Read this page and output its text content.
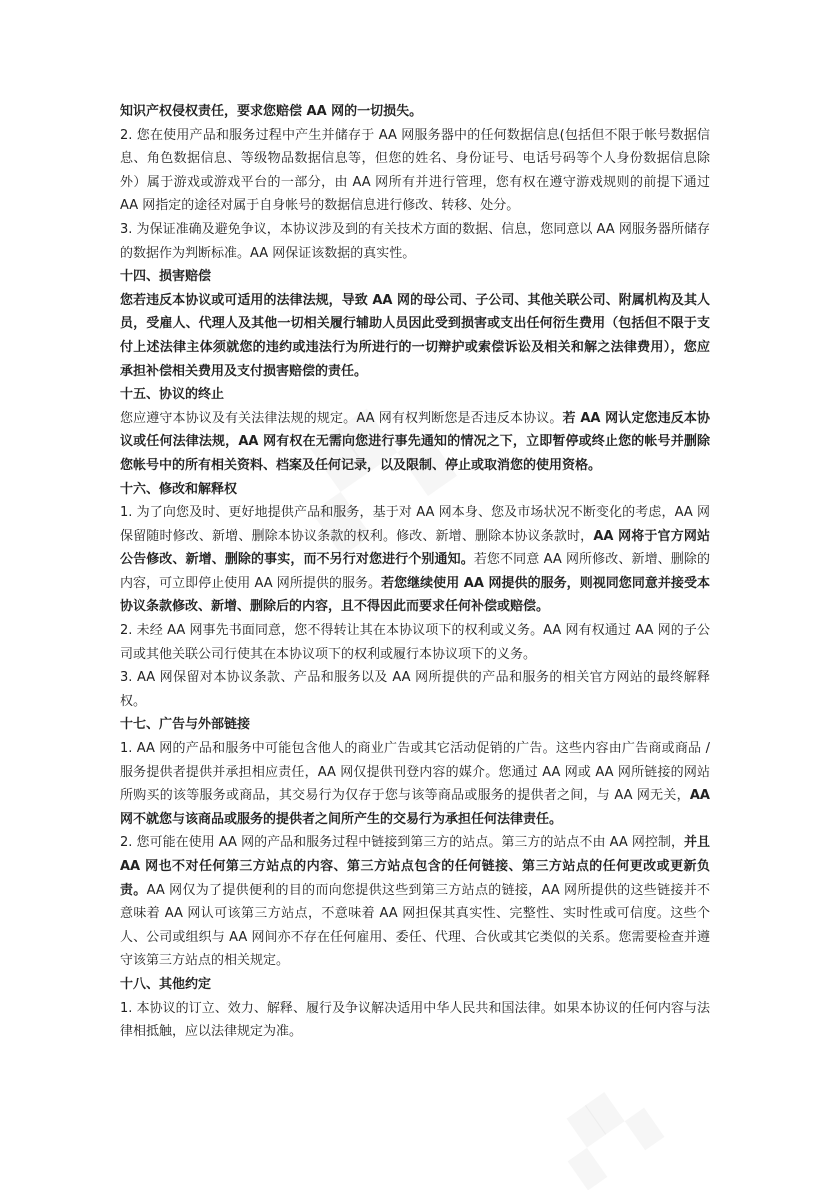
知识产权侵权责任，要求您赔偿 AA 网的一切损失。

2. 您在使用产品和服务过程中产生并储存于 AA 网服务器中的任何数据信息(包括但不限于帐号数据信息、角色数据信息、等级物品数据信息等，但您的姓名、身份证号、电话号码等个人身份数据信息除外）属于游戏或游戏平台的一部分，由 AA 网所有并进行管理，您有权在遵守游戏规则的前提下通过 AA 网指定的途径对属于自身帐号的数据信息进行修改、转移、处分。

3. 为保证准确及避免争议，本协议涉及到的有关技术方面的数据、信息，您同意以 AA 网服务器所储存的数据作为判断标准。AA 网保证该数据的真实性。

十四、损害赔偿

您若违反本协议或可适用的法律法规，导致 AA 网的母公司、子公司、其他关联公司、附属机构及其人员，受雇人、代理人及其他一切相关履行辅助人员因此受到损害或支出任何衍生费用（包括但不限于支付上述法律主体须就您的违约或违法行为所进行的一切辩护或索偿诉讼及相关和解之法律费用），您应承担补偿相关费用及支付损害赔偿的责任。

十五、协议的终止

您应遵守本协议及有关法律法规的规定。AA 网有权判断您是否违反本协议。若 AA 网认定您违反本协议或任何法律法规，AA 网有权在无需向您进行事先通知的情况之下，立即暂停或终止您的帐号并删除您帐号中的所有相关资料、档案及任何记录，以及限制、停止或取消您的使用资格。

十六、修改和解释权

1. 为了向您及时、更好地提供产品和服务，基于对 AA 网本身、您及市场状况不断变化的考虑，AA 网保留随时修改、新增、删除本协议条款的权利。修改、新增、删除本协议条款时，AA 网将于官方网站公告修改、新增、删除的事实，而不另行对您进行个别通知。若您不同意 AA 网所修改、新增、删除的内容，可立即停止使用 AA 网所提供的服务。若您继续使用 AA 网提供的服务，则视同您同意并接受本协议条款修改、新增、删除后的内容，且不得因此而要求任何补偿或赔偿。

2. 未经 AA 网事先书面同意，您不得转让其在本协议项下的权利或义务。AA 网有权通过 AA 网的子公司或其他关联公司行使其在本协议项下的权利或履行本协议项下的义务。

3. AA 网保留对本协议条款、产品和服务以及 AA 网所提供的产品和服务的相关官方网站的最终解释权。

十七、广告与外部链接

1. AA 网的产品和服务中可能包含他人的商业广告或其它活动促销的广告。这些内容由广告商或商品 / 服务提供者提供并承担相应责任，AA 网仅提供刊登内容的媒介。您通过 AA 网或 AA 网所链接的网站所购买的该等服务或商品，其交易行为仅存于您与该等商品或服务的提供者之间，与 AA 网无关，AA 网不就您与该商品或服务的提供者之间所产生的交易行为承担任何法律责任。

2. 您可能在使用 AA 网的产品和服务过程中链接到第三方的站点。第三方的站点不由 AA 网控制，并且 AA 网也不对任何第三方站点的内容、第三方站点包含的任何链接、第三方站点的任何更改或更新负责。AA 网仅为了提供便利的目的而向您提供这些到第三方站点的链接，AA 网所提供的这些链接并不意味着 AA 网认可该第三方站点，不意味着 AA 网担保其真实性、完整性、实时性或可信度。这些个人、公司或组织与 AA 网间亦不存在任何雇用、委任、代理、合伙或其它类似的关系。您需要检查并遵守该第三方站点的相关规定。

十八、其他约定

1. 本协议的订立、效力、解释、履行及争议解决适用中华人民共和国法律。如果本协议的任何内容与法律相抵触，应以法律规定为准。
